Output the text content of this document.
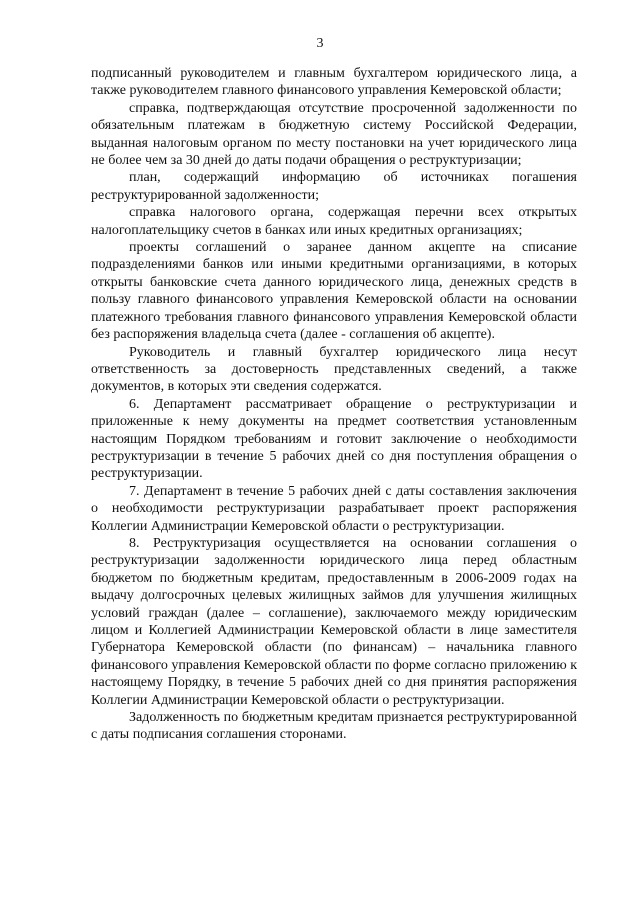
3

подписанный руководителем и главным бухгалтером юридического лица, а также руководителем главного финансового управления Кемеровской области;

справка, подтверждающая отсутствие просроченной задолженности по обязательным платежам в бюджетную систему Российской Федерации, выданная налоговым органом по месту постановки на учет юридического лица не более чем за 30 дней до даты подачи обращения о реструктуризации;

план, содержащий информацию об источниках погашения реструктурированной задолженности;

справка налогового органа, содержащая перечни всех открытых налогоплательщику счетов в банках или иных кредитных организациях;

проекты соглашений о заранее данном акцепте на списание подразделениями банков или иными кредитными организациями, в которых открыты банковские счета данного юридического лица, денежных средств в пользу главного финансового управления Кемеровской области на основании платежного требования главного финансового управления Кемеровской области без распоряжения владельца счета (далее - соглашения об акцепте).

Руководитель и главный бухгалтер юридического лица несут ответственность за достоверность представленных сведений, а также документов, в которых эти сведения содержатся.

6. Департамент рассматривает обращение о реструктуризации и приложенные к нему документы на предмет соответствия установленным настоящим Порядком требованиям и готовит заключение о необходимости реструктуризации в течение 5 рабочих дней со дня поступления обращения о реструктуризации.

7. Департамент в течение 5 рабочих дней с даты составления заключения о необходимости реструктуризации разрабатывает проект распоряжения Коллегии Администрации Кемеровской области о реструктуризации.

8. Реструктуризация осуществляется на основании соглашения о реструктуризации задолженности юридического лица перед областным бюджетом по бюджетным кредитам, предоставленным в 2006-2009 годах на выдачу долгосрочных целевых жилищных займов для улучшения жилищных условий граждан (далее – соглашение), заключаемого между юридическим лицом и Коллегией Администрации Кемеровской области в лице заместителя Губернатора Кемеровской области (по финансам) – начальника главного финансового управления Кемеровской области по форме согласно приложению к настоящему Порядку, в течение 5 рабочих дней со дня принятия распоряжения Коллегии Администрации Кемеровской области о реструктуризации.

Задолженность по бюджетным кредитам признается реструктурированной с даты подписания соглашения сторонами.
